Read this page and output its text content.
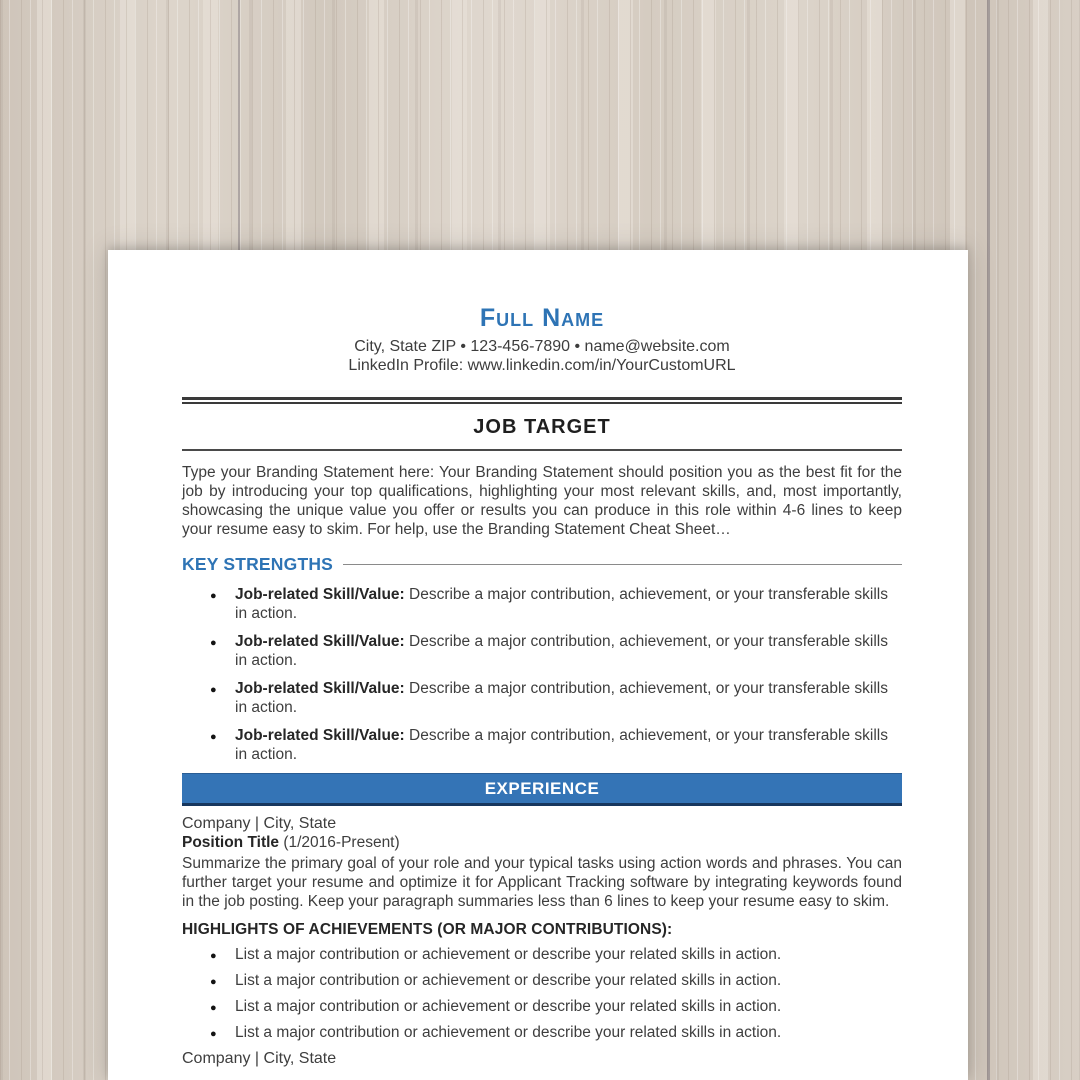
Full Name

City, State ZIP • 123-456-7890 • name@website.com

LinkedIn Profile: www.linkedin.com/in/YourCustomURL

JOB TARGET

Type your Branding Statement here: Your Branding Statement should position you as the best fit for the job by introducing your top qualifications, highlighting your most relevant skills, and, most importantly, showcasing the unique value you offer or results you can produce in this role within 4-6 lines to keep your resume easy to skim. For help, use the Branding Statement Cheat Sheet…

KEY STRENGTHS
● Job-related Skill/Value: Describe a major contribution, achievement, or your transferable skills in action.
● Job-related Skill/Value: Describe a major contribution, achievement, or your transferable skills in action.
● Job-related Skill/Value: Describe a major contribution, achievement, or your transferable skills in action.
● Job-related Skill/Value: Describe a major contribution, achievement, or your transferable skills in action.
EXPERIENCE

Company | City, State

Position Title (1/2016-Present)

Summarize the primary goal of your role and your typical tasks using action words and phrases. You can further target your resume and optimize it for Applicant Tracking software by integrating keywords found in the job posting. Keep your paragraph summaries less than 6 lines to keep your resume easy to skim.

HIGHLIGHTS OF ACHIEVEMENTS (OR MAJOR CONTRIBUTIONS):

● List a major contribution or achievement or describe your related skills in action.
● List a major contribution or achievement or describe your related skills in action.
● List a major contribution or achievement or describe your related skills in action.
● List a major contribution or achievement or describe your related skills in action.

Company | City, State
